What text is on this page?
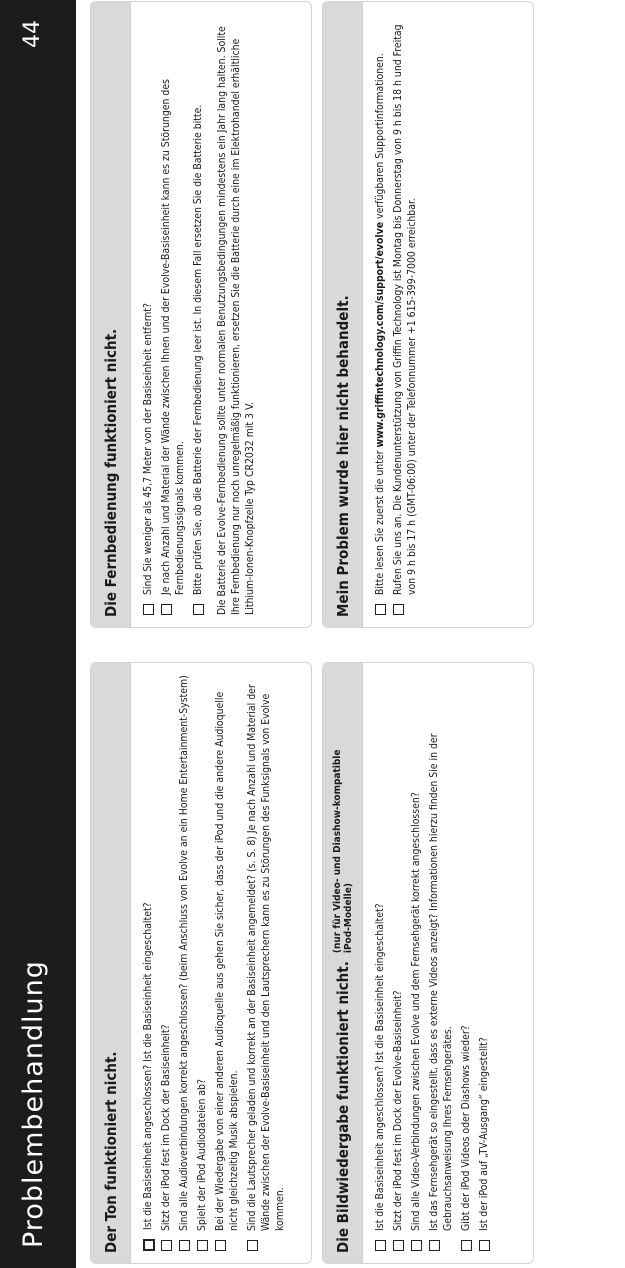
Problembehandlung
44
Der Ton funktioniert nicht. Ist die Basiseinheit angeschlossen? Ist die Basiseinheit eingeschaltet? Sitzt der iPod fest im Dock der Basiseinheit? Sind alle Audioverbindungen korrekt angeschlossen? (beim Anschluss von Evolve an ein Home Entertainment-System) Spielt der iPod Audiodateien ab? Bei der Wiedergabe von einer anderen Audioquelle aus gehen Sie sicher, dass der iPod und die andere Audioquelle nicht gleichzeitig Musik abspielen. Sind die Lautsprecher geladen und korrekt an der Basiseinheit angemeldet? (s. S. 8) Je nach Anzahl und Material der Wände zwischen der Evolve-Basiseinheit und den Lautsprechern kann es zu Störungen des Funksignals von Evolve kommen.
Die Fernbedienung funktioniert nicht. Sind Sie weniger als 45,7 Meter von der Basiseinheit entfernt? Je nach Anzahl und Material der Wände zwischen Ihnen und der Evolve-Basiseinheit kann es zu Störungen des Fernbedienungssignals kommen. Bitte prüfen Sie, ob die Batterie der Fernbedienung leer ist. In diesem Fall ersetzen Sie die Batterie bitte. Die Batterie der Evolve-Fernbedienung sollte unter normalen Benutzungsbedingungen mindestens ein Jahr lang halten. Sollte Ihre Fernbedienung nur noch unregelmäßig funktionieren, ersetzen Sie die Batterie durch eine im Elektrohandel erhältliche Lithium-Ionen-Knopfzelle Typ CR2032 mit 3 V.

Die Bildwiedergabe funktioniert nicht.
(nur für Video- und Diashow-kompatible
iPod-Modelle) Ist die Basiseinheit angeschlossen? Ist die Basiseinheit eingeschaltet? Sitzt der iPod fest im Dock der Evolve-Basiseinheit? Sind alle Video-Verbindungen zwischen Evolve und dem Fernsehgerät korrekt angeschlossen? Ist das Fernsehgerät so eingestellt, dass es externe Videos anzeigt? Informationen hierzu finden Sie in der Gebrauchsanweisung Ihres Fernsehgerätes. Gibt der iPod Videos oder Diashows wieder? Ist der iPod auf „TV-Ausgang“ eingestellt?
Mein Problem wurde hier nicht behandelt. Bitte lesen Sie zuerst die unter www.griffintechnology.com/support/evolve verfügbaren Supportinformationen. Rufen Sie uns an. Die Kundenunterstützung von Griffin Technology ist Montag bis Donnerstag von 9 h bis 18 h und Freitag von 9 h bis 17 h (GMT-06:00) unter der Telefonnummer +1 615-399-7000 erreichbar.
